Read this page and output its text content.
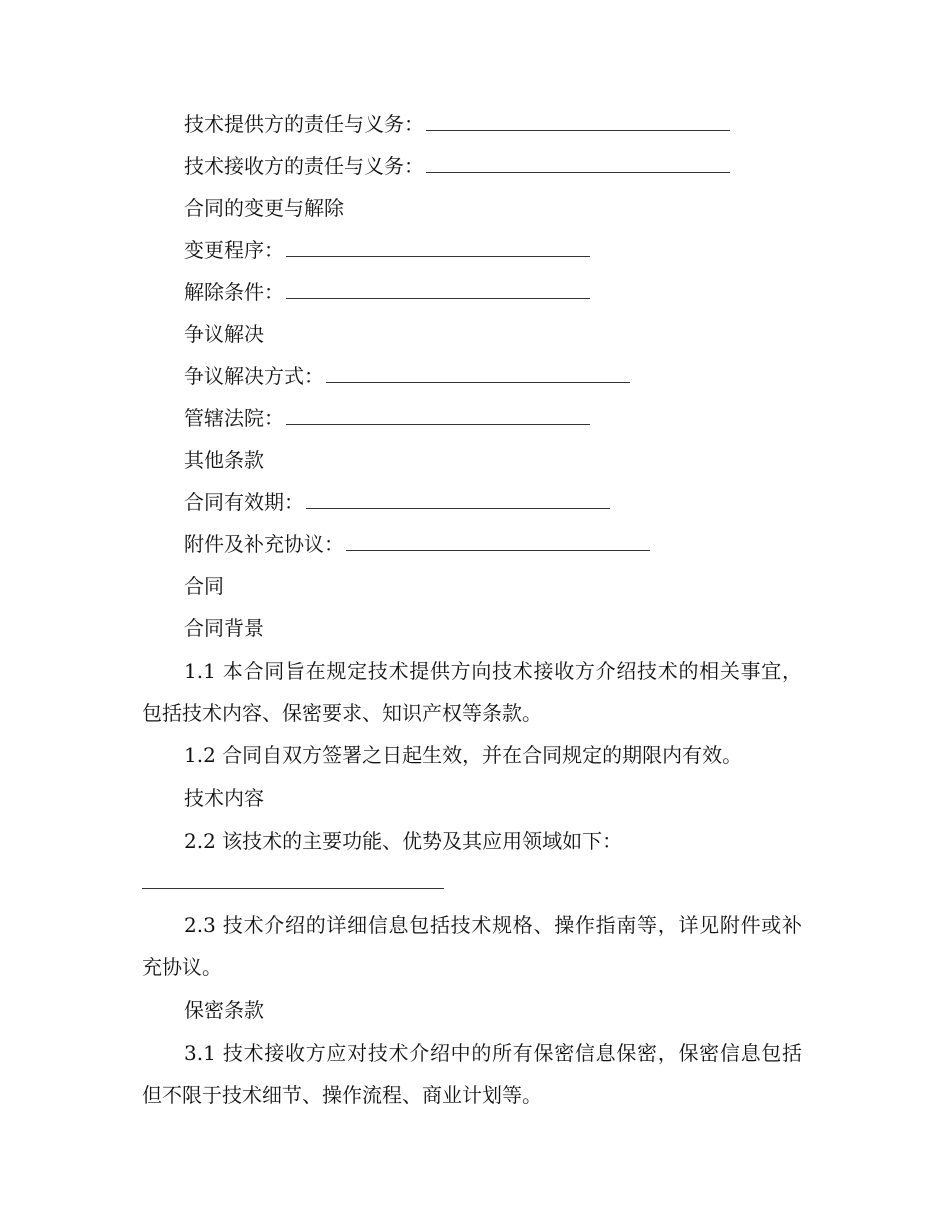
技术提供方的责任与义务：
技术接收方的责任与义务：
合同的变更与解除
变更程序：
解除条件：
争议解决
争议解决方式：
管辖法院：
其他条款
合同有效期：
附件及补充协议：
合同
合同背景
1.1 本合同旨在规定技术提供方向技术接收方介绍技术的相关事宜，包括技术内容、保密要求、知识产权等条款。
1.2 合同自双方签署之日起生效，并在合同规定的期限内有效。
技术内容
2.2 该技术的主要功能、优势及其应用领域如下：
2.3 技术介绍的详细信息包括技术规格、操作指南等，详见附件或补充协议。
保密条款
3.1 技术接收方应对技术介绍中的所有保密信息保密，保密信息包括但不限于技术细节、操作流程、商业计划等。
